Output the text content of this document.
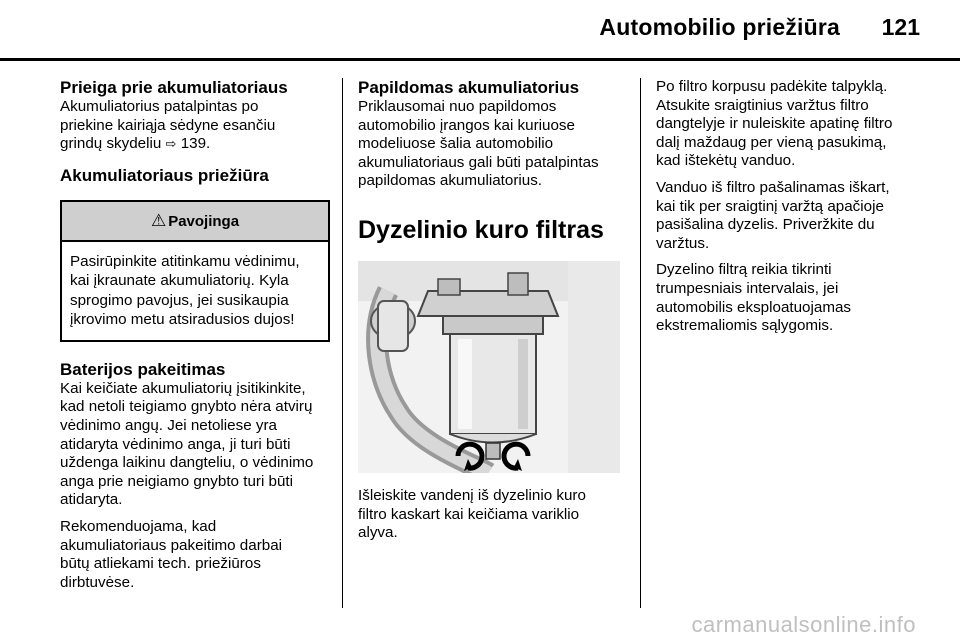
Automobilio priežiūra 121
Prieiga prie akumuliatoriaus

Akumuliatorius patalpintas po
priekine kairiąja sėdyne esančiu
grindų skydeliu ⇨ 139.

Akumuliatoriaus priežiūra
⚠ Pavojinga
Pasirūpinkite atitinkamu vėdinimu,
kai įkraunate akumuliatorių. Kyla
sprogimo pavojus, jei susikaupia
įkrovimo metu atsiradusios dujos!
Baterijos pakeitimas

Kai keičiate akumuliatorių įsitikinkite,
kad netoli teigiamo gnybto nėra atvirų
vėdinimo angų. Jei netoliese yra
atidaryta vėdinimo anga, ji turi būti
uždenga laikinu dangteliu, o vėdinimo
anga prie neigiamo gnybto turi būti
atidaryta.

Rekomenduojama, kad
akumuliatoriaus pakeitimo darbai
būtų atliekami tech. priežiūros
dirbtuvėse.

Papildomas akumuliatorius

Priklausomai nuo papildomos
automobilio įrangos kai kuriuose
modeliuose šalia automobilio
akumuliatoriaus gali būti patalpintas
papildomas akumuliatorius.

Dyzelinio kuro filtras

Išleiskite vandenį iš dyzelinio kuro
filtro kaskart kai keičiama variklio
alyva.

Po filtro korpusu padėkite talpyklą.
Atsukite sraigtinius varžtus filtro
dangtelyje ir nuleiskite apatinę filtro
dalį maždaug per vieną pasukimą,
kad ištekėtų vanduo.

Vanduo iš filtro pašalinamas iškart,
kai tik per sraigtinį varžtą apačioje
pasišalina dyzelis. Priveržkite du
varžtus.

Dyzelino filtrą reikia tikrinti
trumpesniais intervalais, jei
automobilis eksploatuojamas
ekstremaliomis sąlygomis.

carmanualsonline.info
